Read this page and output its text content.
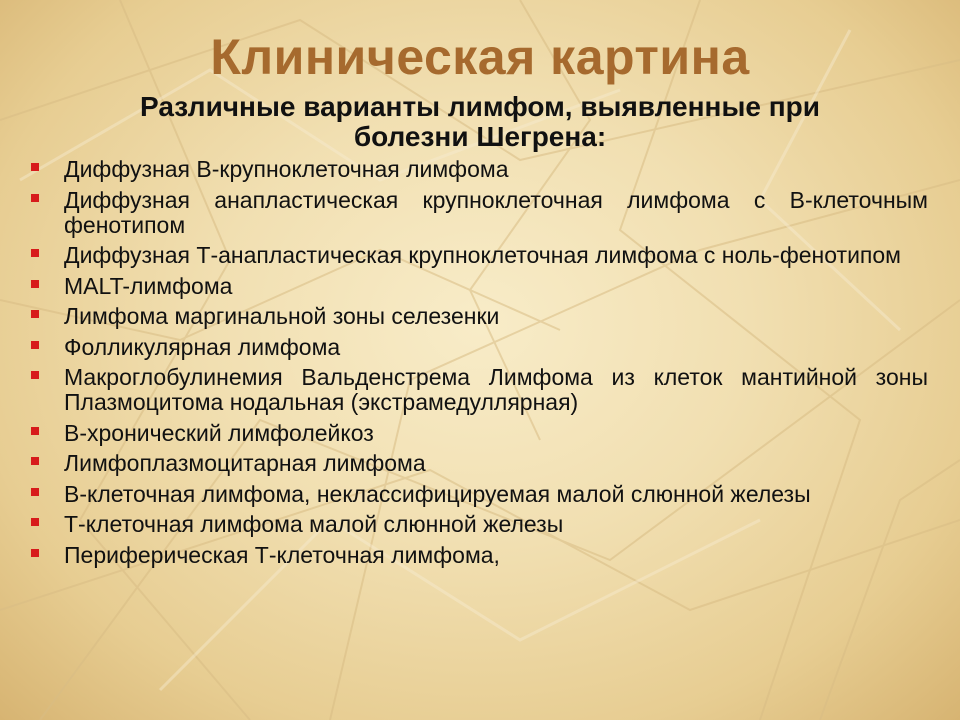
Клиническая картина
Различные варианты лимфом, выявленные при болезни Шегрена:
Диффузная В-крупноклеточная лимфома
Диффузная анапластическая крупноклеточная лимфома с В-клеточным фенотипом
Диффузная Т-анапластическая крупноклеточная лимфома с ноль-фенотипом
MALT-лимфома
Лимфома маргинальной зоны селезенки
Фолликулярная лимфома
Макроглобулинемия Вальденстрема Лимфома из клеток мантийной зоны Плазмоцитома нодальная (экстрамедуллярная)
В-хронический лимфолейкоз
Лимфоплазмоцитарная лимфома
В-клеточная лимфома, неклассифицируемая малой слюнной железы
Т-клеточная лимфома малой слюнной железы
Периферическая Т-клеточная лимфома,
